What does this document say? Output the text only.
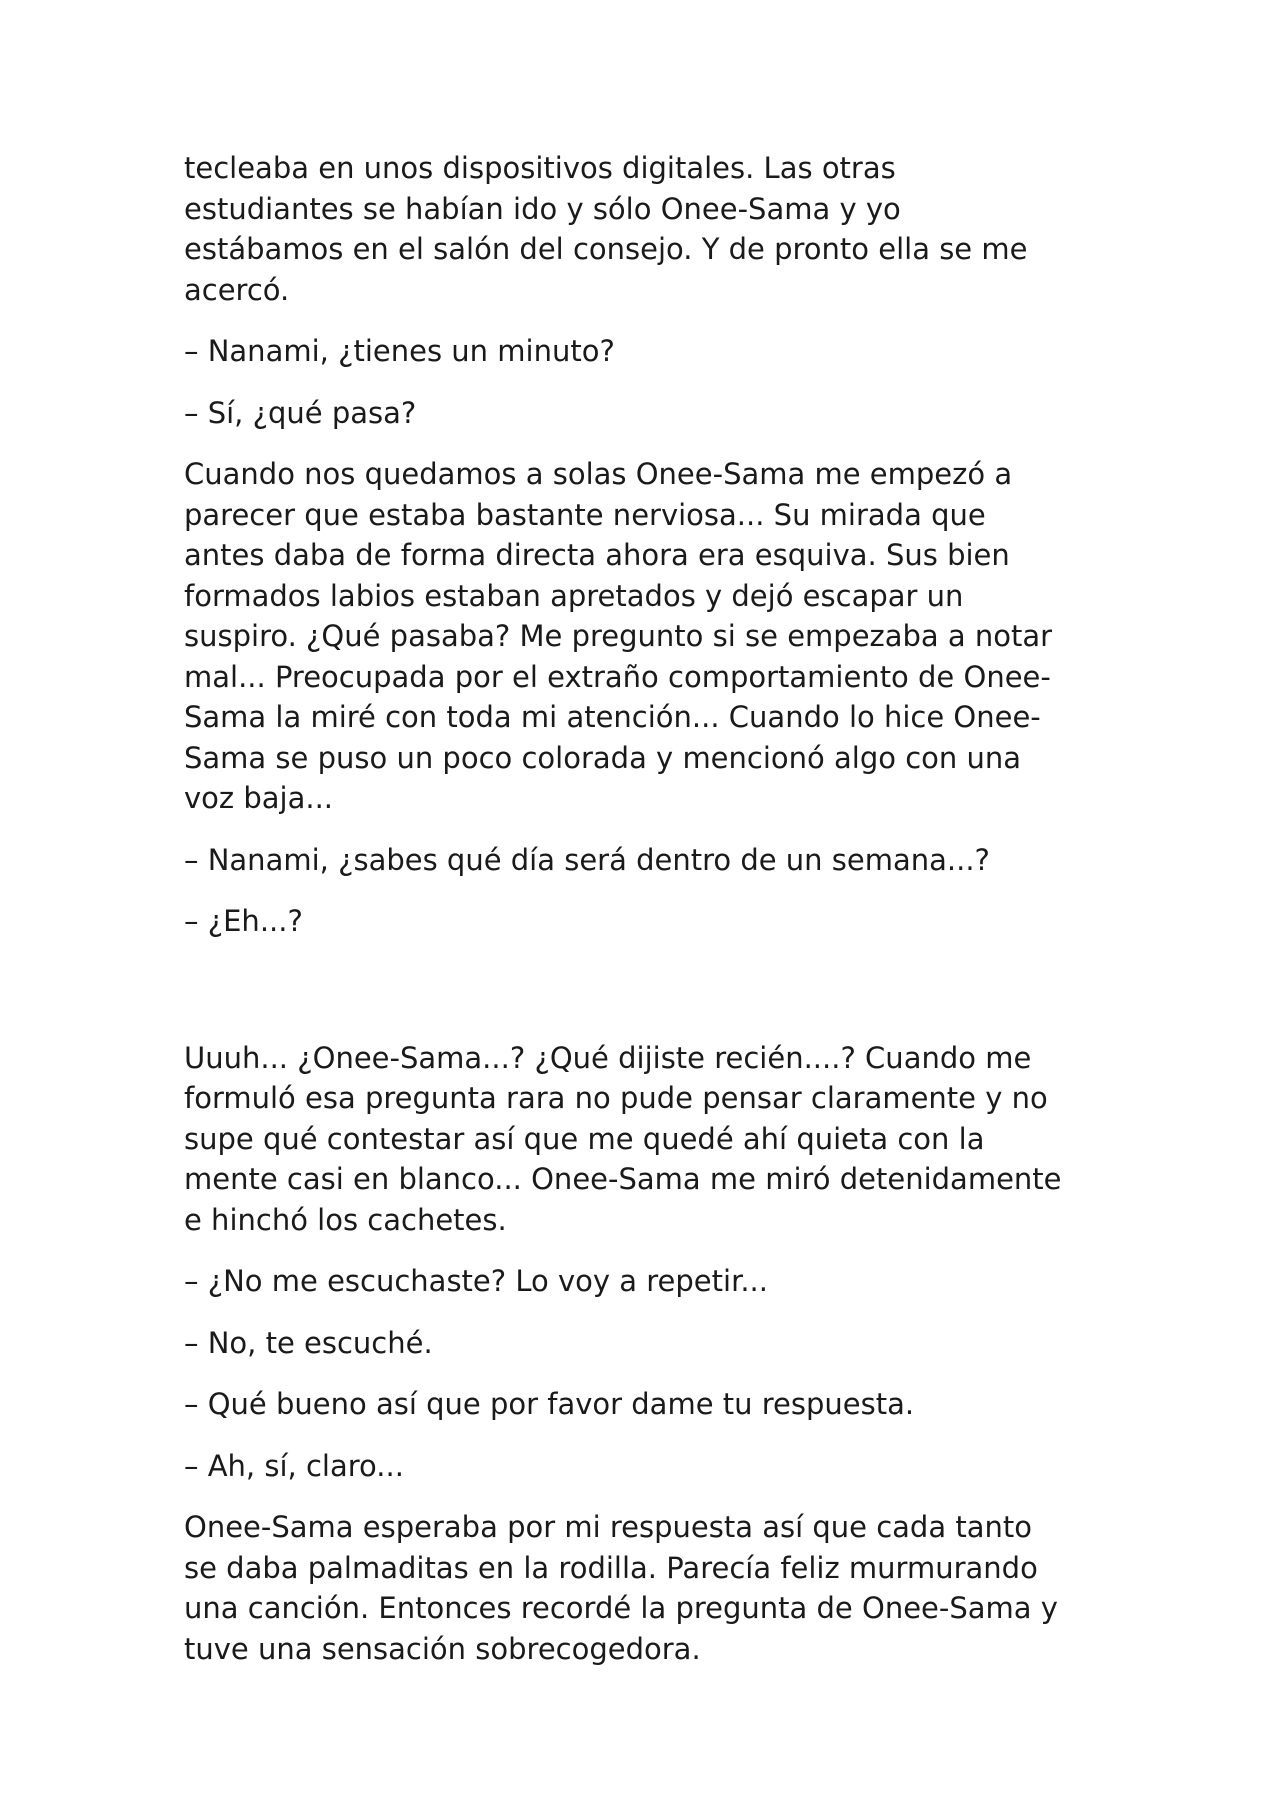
tecleaba en unos dispositivos digitales. Las otras
estudiantes se habían ido y sólo Onee-Sama y yo
estábamos en el salón del consejo. Y de pronto ella se me
acercó.

– Nanami, ¿tienes un minuto?

– Sí, ¿qué pasa?

Cuando nos quedamos a solas Onee-Sama me empezó a
parecer que estaba bastante nerviosa... Su mirada que
antes daba de forma directa ahora era esquiva. Sus bien
formados labios estaban apretados y dejó escapar un
suspiro. ¿Qué pasaba? Me pregunto si se empezaba a notar
mal... Preocupada por el extraño comportamiento de Onee-
Sama la miré con toda mi atención... Cuando lo hice Onee-
Sama se puso un poco colorada y mencionó algo con una
voz baja...

– Nanami, ¿sabes qué día será dentro de un semana...?

– ¿Eh...?

Uuuh... ¿Onee-Sama...? ¿Qué dijiste recién....? Cuando me
formuló esa pregunta rara no pude pensar claramente y no
supe qué contestar así que me quedé ahí quieta con la
mente casi en blanco... Onee-Sama me miró detenidamente
e hinchó los cachetes.

– ¿No me escuchaste? Lo voy a repetir...

– No, te escuché.

– Qué bueno así que por favor dame tu respuesta.

– Ah, sí, claro...

Onee-Sama esperaba por mi respuesta así que cada tanto
se daba palmaditas en la rodilla. Parecía feliz murmurando
una canción. Entonces recordé la pregunta de Onee-Sama y
tuve una sensación sobrecogedora.
